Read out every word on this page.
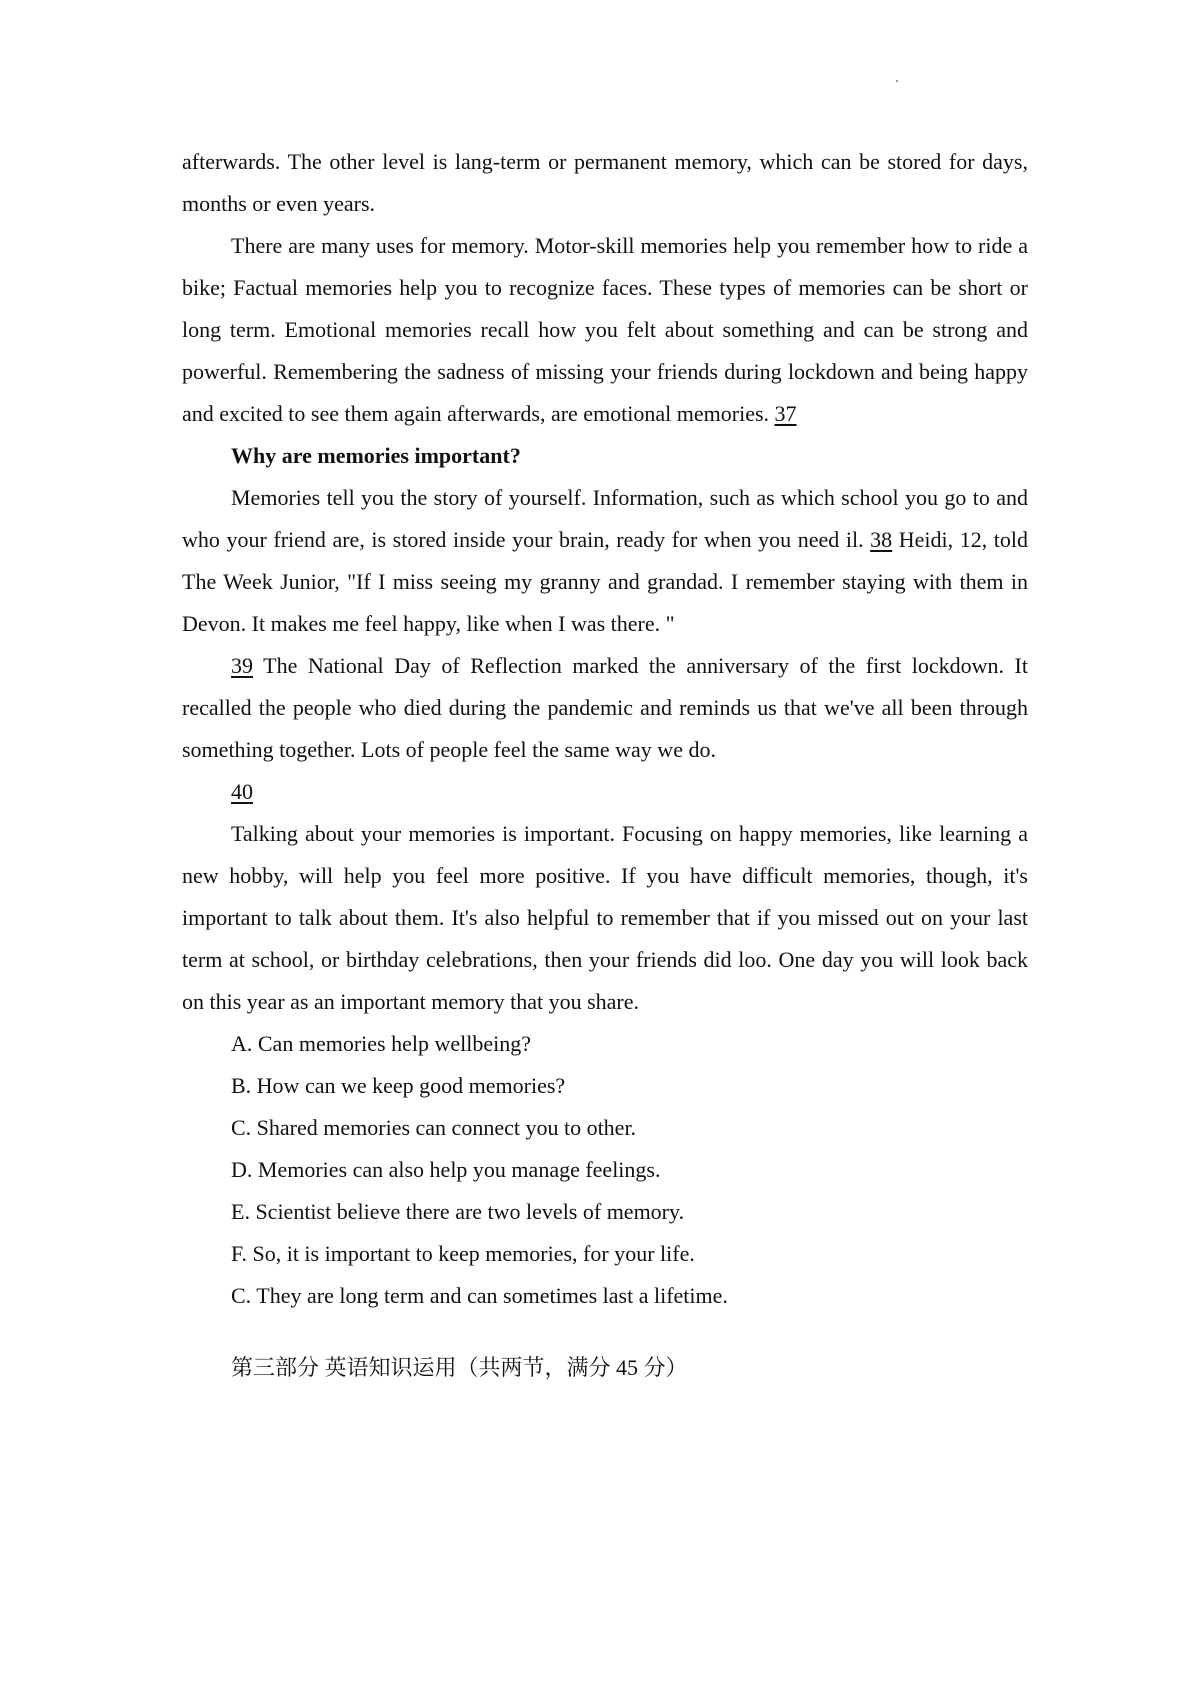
afterwards. The other level is lang-term or permanent memory, which can be stored for days, months or even years.

There are many uses for memory. Motor-skill memories help you remember how to ride a bike; Factual memories help you to recognize faces. These types of memories can be short or long term. Emotional memories recall how you felt about something and can be strong and powerful. Remembering the sadness of missing your friends during lockdown and being happy and excited to see them again afterwards, are emotional memories. 37

Why are memories important?

Memories tell you the story of yourself. Information, such as which school you go to and who your friend are, is stored inside your brain, ready for when you need il. 38 Heidi, 12, told The Week Junior, "If I miss seeing my granny and grandad. I remember staying with them in Devon. It makes me feel happy, like when I was there. "

39 The National Day of Reflection marked the anniversary of the first lockdown. It recalled the people who died during the pandemic and reminds us that we've all been through something together. Lots of people feel the same way we do.

40

Talking about your memories is important. Focusing on happy memories, like learning a new hobby, will help you feel more positive. If you have difficult memories, though, it's important to talk about them. It's also helpful to remember that if you missed out on your last term at school, or birthday celebrations, then your friends did loo. One day you will look back on this year as an important memory that you share.

A. Can memories help wellbeing?
B. How can we keep good memories?
C. Shared memories can connect you to other.
D. Memories can also help you manage feelings.
E. Scientist believe there are two levels of memory.
F. So, it is important to keep memories, for your life.
C. They are long term and can sometimes last a lifetime.

第三部分 英语知识运用（共两节，满分 45 分）
